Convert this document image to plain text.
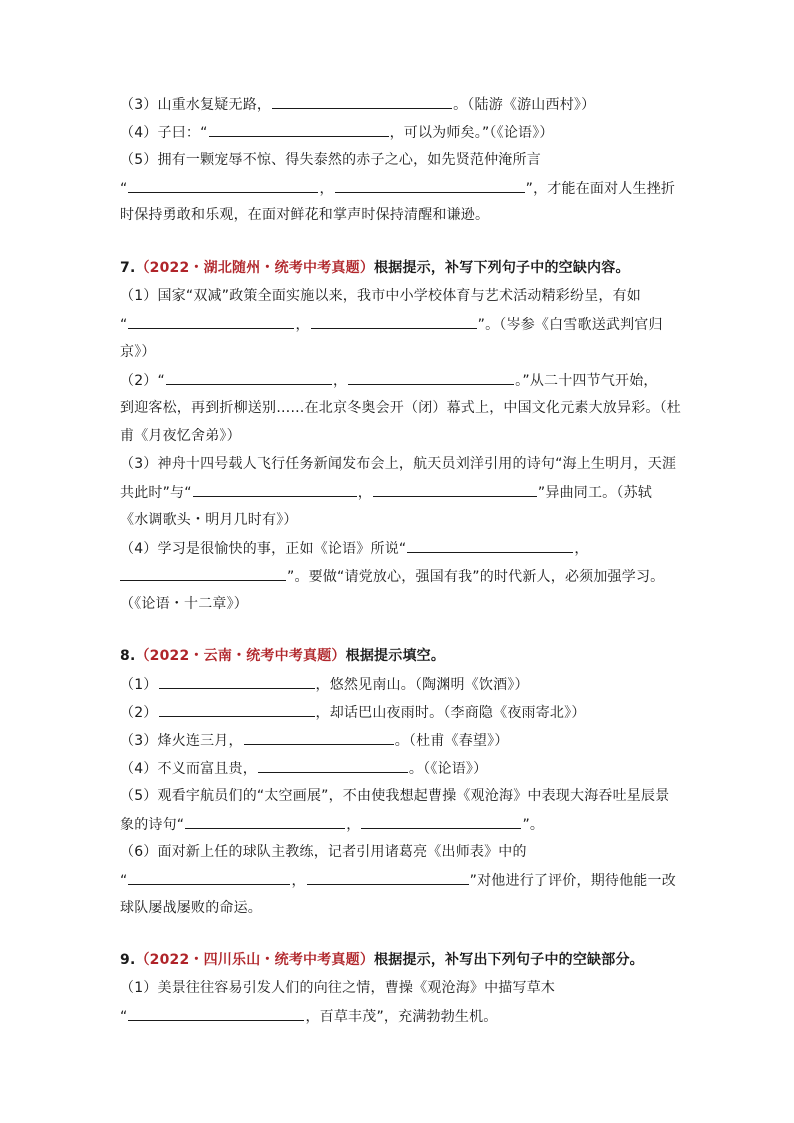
（3）山重水复疑无路，	。（陆游《游山西村》）
（4）子曰：“	，可以为师矣。”（《论语》）
（5）拥有一颗宠辱不惊、得失泰然的赤子之心，如先贤范仲淹所言
“	，	”，才能在面对人生挫折
时保持勇敢和乐观，在面对鲜花和掌声时保持清醒和谦逊。
7.（2022・湖北随州・统考中考真题）根据提示，补写下列句子中的空缺内容。
（1）国家“双减”政策全面实施以来，我市中小学校体育与艺术活动精彩纷呈，有如
“	，	”。（岑参《白雪歌送武判官归
京》）
（2）“	，	。”从二十四节气开始，
到迎客松，再到折柳送别……在北京冬奥会开（闭）幕式上，中国文化元素大放异彩。（杜
甫《月夜忆舍弟》）
（3）神舟十四号载人飞行任务新闻发布会上，航天员刘洋引用的诗句“海上生明月，天涯
共此时”与“	，	”异曲同工。（苏轼
《水调歌头・明月几时有》）
（4）学习是很愉快的事，正如《论语》所说“	，
”。要做“请党放心，强国有我”的时代新人，必须加强学习。
（《论语・十二章》）
8.（2022・云南・统考中考真题）根据提示填空。
（1）	，悠然见南山。（陶渊明《饮酒》）
（2）	，却话巴山夜雨时。（李商隐《夜雨寄北》）
（3）烽火连三月，	。（杜甫《春望》）
（4）不义而富且贵，	。（《论语》）
（5）观看宇航员们的“太空画展”，不由使我想起曹操《观沧海》中表现大海吞吐星辰景
象的诗句“	，	”。
（6）面对新上任的球队主教练，记者引用诸葛亮《出师表》中的
“	，	”对他进行了评价，期待他能一改
球队屡战屡败的命运。
9.（2022・四川乐山・统考中考真题）根据提示，补写出下列句子中的空缺部分。
（1）美景往往容易引发人们的向往之情，曹操《观沧海》中描写草木
“	，百草丰茂”，充满勃勃生机。
